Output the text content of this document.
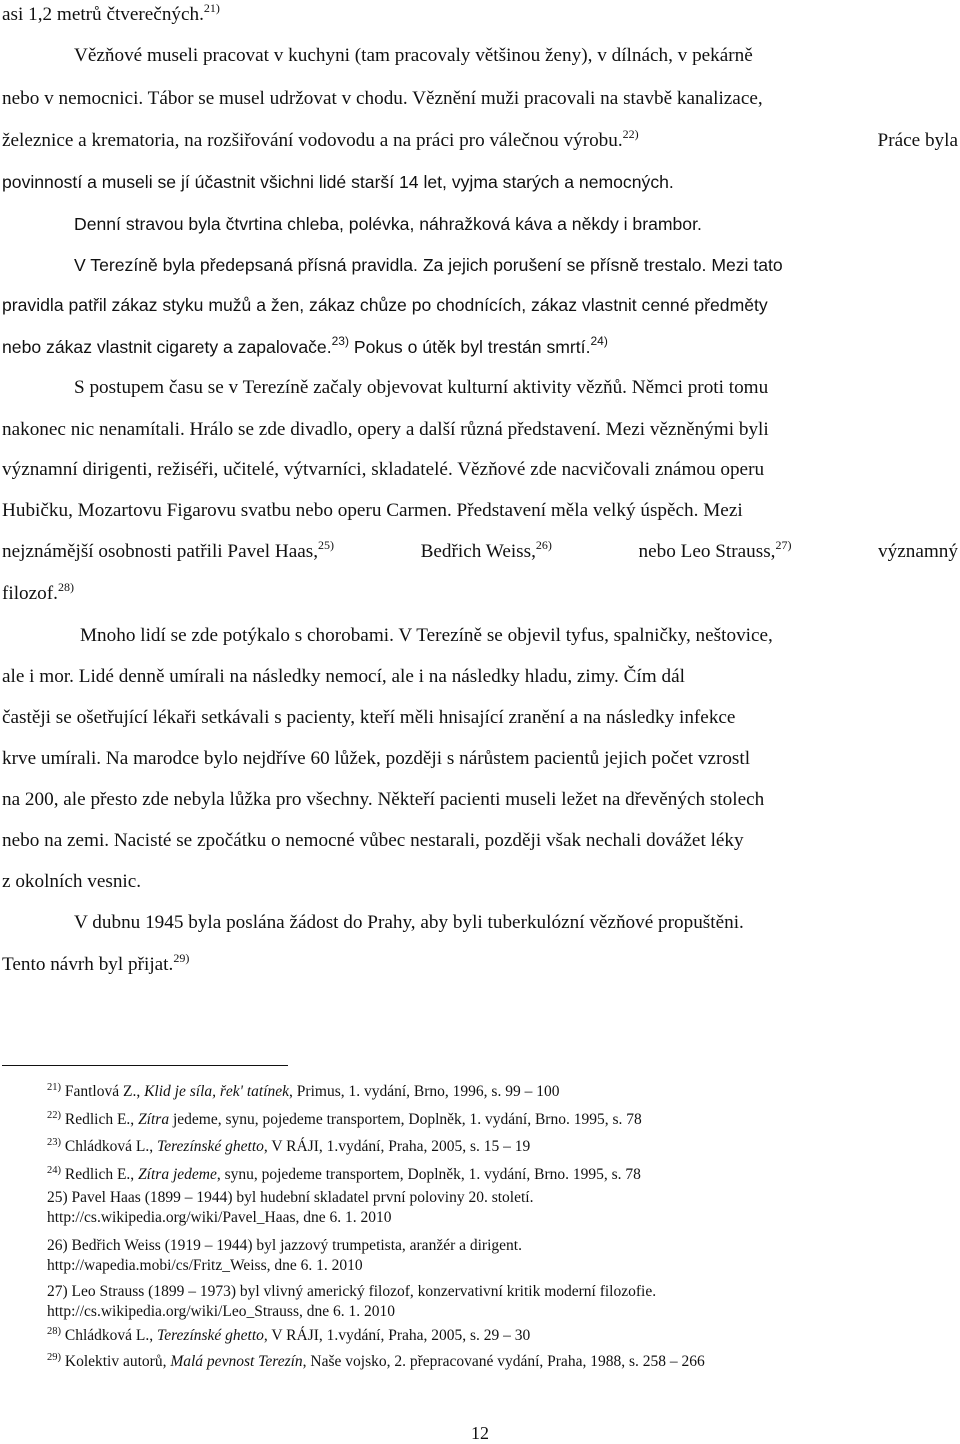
asi 1,2 metrů čtverečných.$^{21)}$
Vězňové museli pracovat v kuchyni (tam pracovaly většinou ženy), v dílnách, v pekárně
nebo v nemocnici. Tábor se musel udržovat v chodu. Věznění muži pracovali na stavbě kanalizace,
železnice a krematoria, na rozšiřování vodovodu a na práci pro válečnou výrobu.$^{22)}$	Práce byla
povinností a museli se jí účastnit všichni lidé starší 14 let, vyjma starých a nemocných.
Denní stravou byla čtvrtina chleba, polévka, náhražková káva a někdy i brambor.
V Terezíně byla předepsaná přísná pravidla. Za jejich porušení se přísně trestalo. Mezi tato
pravidla patřil zákaz styku mužů a žen, zákaz chůze po chodnících, zákaz vlastnit cenné předměty
nebo zákaz vlastnit cigarety a zapalovače.$^{23)}$ Pokus o útěk byl trestán smrtí.$^{24)}$
S postupem času se v Terezíně začaly objevovat kulturní aktivity vězňů. Němci proti tomu
nakonec nic nenamítali. Hrálo se zde divadlo, opery a další různá představení. Mezi vězněnými byli
významní dirigenti, režiséři, učitelé, výtvarníci, skladatelé. Vězňové zde nacvičovali známou operu
Hubičku, Mozartovu Figarovu svatbu nebo operu Carmen. Představení měla velký úspěch. Mezi
nejznámější osobnosti patřili Pavel Haas,$^{25)}$	Bedřich Weiss,$^{26)}$	nebo Leo Strauss,$^{27)}$	významný
filozof.$^{28)}$
Mnoho lidí se zde potýkalo s chorobami. V Terezíně se objevil tyfus, spalničky, neštovice,
ale i mor. Lidé denně umírali na následky nemocí, ale i na následky hladu, zimy. Čím dál
častěji se ošetřující lékaři setkávali s pacienty, kteří měli hnisající zranění a na následky infekce
krve umírali. Na marodce bylo nejdříve 60 lůžek, později s nárůstem pacientů jejich počet vzrostl
na 200, ale přesto zde nebyla lůžka pro všechny. Někteří pacienti museli ležet na dřevěných stolech
nebo na zemi. Nacisté se zpočátku o nemocné vůbec nestarali, později však nechali dovážet léky
z okolních vesnic.
V dubnu 1945 byla poslána žádost do Prahy, aby byli tuberkulózní vězňové propuštěni.
Tento návrh byl přijat.$^{29)}$
$^{21)}$ Fantlová Z., Klid je síla, řek' tatínek, Primus, 1. vydání, Brno, 1996, s. 99 – 100
$^{22)}$ Redlich E., Zítra jedeme, synu, pojedeme transportem, Doplněk, 1. vydání, Brno. 1995, s. 78
$^{23)}$ Chládková L., Terezínské ghetto, V RÁJI, 1.vydání, Praha, 2005, s. 15 – 19
$^{24)}$ Redlich E., Zítra jedeme, synu, pojedeme transportem, Doplněk, 1. vydání, Brno. 1995, s. 78
25) Pavel Haas (1899 – 1944) byl hudební skladatel první poloviny 20. století.
http://cs.wikipedia.org/wiki/Pavel_Haas, dne 6. 1. 2010
26) Bedřich Weiss (1919 – 1944) byl jazzový trumpetista, aranžér a dirigent.
http://wapedia.mobi/cs/Fritz_Weiss, dne 6. 1. 2010
27) Leo Strauss (1899 – 1973) byl vlivný americký filozof, konzervativní kritik moderní filozofie.
http://cs.wikipedia.org/wiki/Leo_Strauss, dne 6. 1. 2010
$^{28)}$ Chládková L., Terezínské ghetto, V RÁJI, 1.vydání, Praha, 2005, s. 29 – 30
$^{29)}$ Kolektiv autorů, Malá pevnost Terezín, Naše vojsko, 2. přepracované vydání, Praha, 1988, s. 258 – 266
12
